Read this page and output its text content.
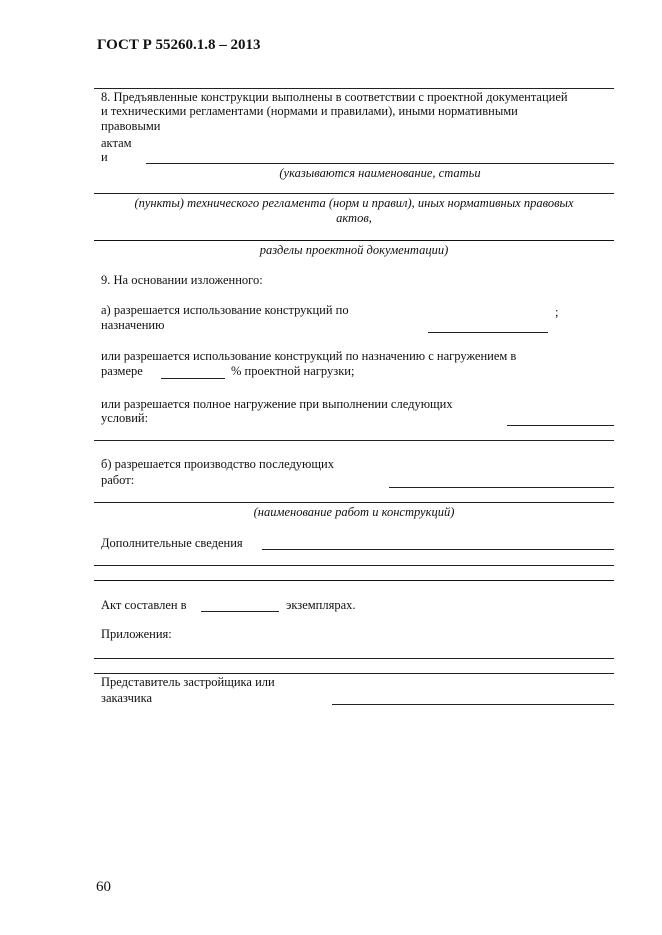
ГОСТ Р 55260.1.8 – 2013
8. Предъявленные конструкции выполнены в соответствии с проектной документацией
и техническими регламентами (нормами и правилами), иными нормативными
правовыми
актам
и
(указываются наименование, статьи
(пункты) технического регламента (норм и правил), иных нормативных правовых
актов,
разделы проектной документации)
9. На основании изложенного:
а) разрешается использование конструкций по	;
назначению
или разрешается использование конструкций по назначению с нагружением в
размере	% проектной нагрузки;
или разрешается полное нагружение при выполнении следующих
условий:
б) разрешается производство последующих
работ:
(наименование работ и конструкций)
Дополнительные сведения
Акт составлен в	экземплярах.
Приложения:
Представитель застройщика или
заказчика
60
